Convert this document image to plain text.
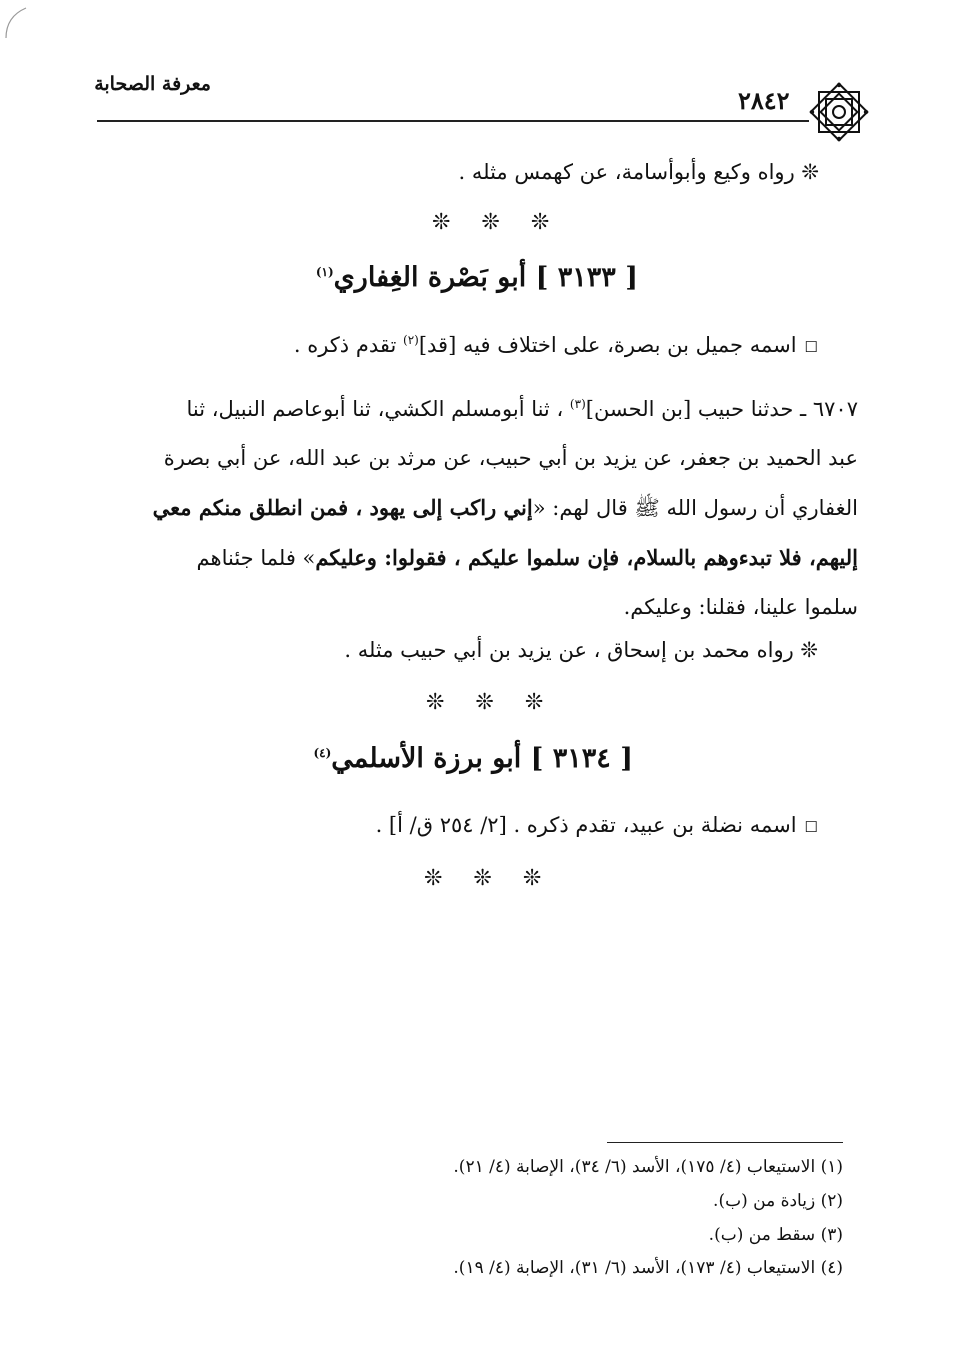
معرفة الصحابة
٢٨٤٢

❊ رواه وكيع وأبوأسامة، عن كهمس مثله .

❊ ❊ ❊
[ ٣١٣٣ ] أبو بَصْرة الغِفاري$^{(١)}$

☐اسمه جميل بن بصرة، على اختلاف فيه [قد]$^{(٢)}$ تقدم ذكره .

٦٧٠٧ ـ حدثنا حبيب [بن الحسن]$^{(٣)}$ ، ثنا أبومسلم الكشي، ثنا أبوعاصم النبيل، ثنا

عبد الحميد بن جعفر، عن يزيد بن أبي حبيب، عن مرثد بن عبد الله، عن أبي بصرة

الغفاري أن رسول الله ﷺ قال لهم: «إني راكب إلى يهود ، فمن انطلق منكم معي

إليهم، فلا تبدءوهم بالسلام، فإن سلموا عليكم ، فقولوا: وعليكم» فلما جئناهم

سلموا علينا، فقلنا: وعليكم.

❊ رواه محمد بن إسحاق ، عن يزيد بن أبي حبيب مثله .

❊ ❊ ❊
[ ٣١٣٤ ] أبو برزة الأسلمي$^{(٤)}$

☐اسمه نضلة بن عبيد، تقدم ذكره . [٢/ ٢٥٤ ق/ أ] .

❊ ❊ ❊

(١) الاستيعاب (٤/ ١٧٥)، الأسد (٦/ ٣٤)، الإصابة (٤/ ٢١).

(٢) زيادة من (ب).

(٣) سقط من (ب).

(٤) الاستيعاب (٤/ ١٧٣)، الأسد (٦/ ٣١)، الإصابة (٤/ ١٩).
